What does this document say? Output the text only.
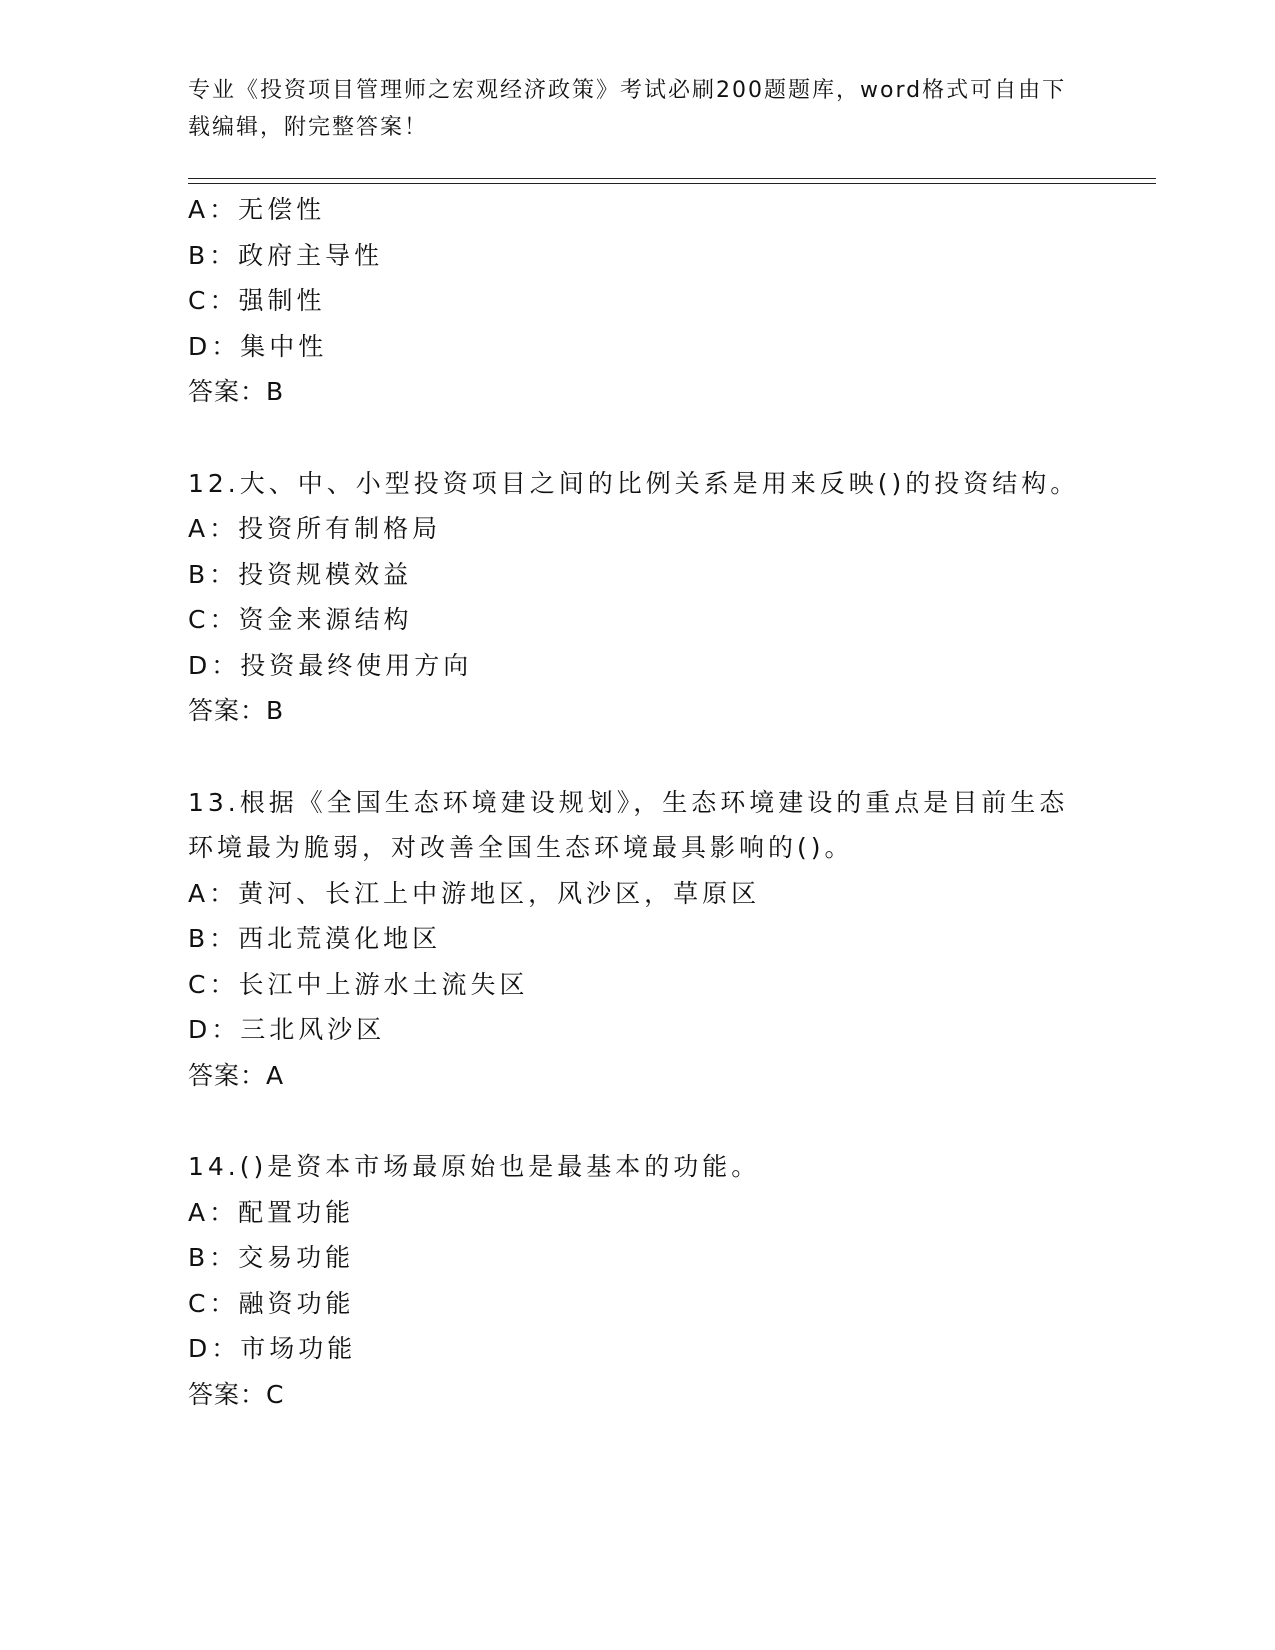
专业《投资项目管理师之宏观经济政策》考试必刷200题题库，word格式可自由下载编辑，附完整答案！
A：无偿性
B：政府主导性
C：强制性
D：集中性
答案：B
12.大、中、小型投资项目之间的比例关系是用来反映()的投资结构。
A：投资所有制格局
B：投资规模效益
C：资金来源结构
D：投资最终使用方向
答案：B
13.根据《全国生态环境建设规划》，生态环境建设的重点是目前生态环境最为脆弱，对改善全国生态环境最具影响的()。
A：黄河、长江上中游地区，风沙区，草原区
B：西北荒漠化地区
C：长江中上游水土流失区
D：三北风沙区
答案：A
14.()是资本市场最原始也是最基本的功能。
A：配置功能
B：交易功能
C：融资功能
D：市场功能
答案：C
